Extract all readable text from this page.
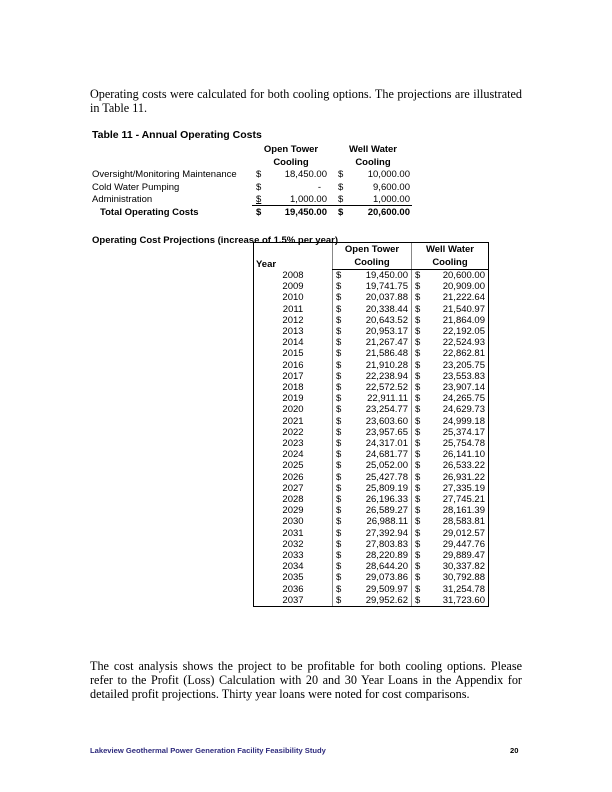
Operating costs were calculated for both cooling options. The projections are illustrated in Table 11.

Table 11 - Annual Operating Costs
Open Tower	Well Water
Cooling	Cooling
Oversight/Monitoring Maintenance $	18,450.00 $	10,000.00
Cold Water Pumping	$	- $	9,600.00
Administration	$	1,000.00 $	1,000.00
Total Operating Costs	$	19,450.00 $	20,600.00
Operating Cost Projections (increase of 1.5% per year)
Year	Open Tower		Well Water	
	Cooling		Cooling	
2008	$	19,450.00	$	20,600.00
2009	$	19,741.75	$	20,909.00
2010	$	20,037.88	$	21,222.64
2011	$	20,338.44	$	21,540.97
2012	$	20,643.52	$	21,864.09
2013	$	20,953.17	$	22,192.05
2014	$	21,267.47	$	22,524.93
2015	$	21,586.48	$	22,862.81
2016	$	21,910.28	$	23,205.75
2017	$	22,238.94	$	23,553.83
2018	$	22,572.52	$	23,907.14
2019	$	22,911.11	$	24,265.75
2020	$	23,254.77	$	24,629.73
2021	$	23,603.60	$	24,999.18
2022	$	23,957.65	$	25,374.17
2023	$	24,317.01	$	25,754.78
2024	$	24,681.77	$	26,141.10
2025	$	25,052.00	$	26,533.22
2026	$	25,427.78	$	26,931.22
2027	$	25,809.19	$	27,335.19
2028	$	26,196.33	$	27,745.21
2029	$	26,589.27	$	28,161.39
2030	$	26,988.11	$	28,583.81
2031	$	27,392.94	$	29,012.57
2032	$	27,803.83	$	29,447.76
2033	$	28,220.89	$	29,889.47
2034	$	28,644.20	$	30,337.82
2035	$	29,073.86	$	30,792.88
2036	$	29,509.97	$	31,254.78
2037	$	29,952.62	$	31,723.60

The cost analysis shows the project to be profitable for both cooling options. Please refer to the Profit (Loss) Calculation with 20 and 30 Year Loans in the Appendix for detailed profit projections. Thirty year loans were noted for cost comparisons.

Lakeview Geothermal Power Generation Facility Feasibility Study	20
